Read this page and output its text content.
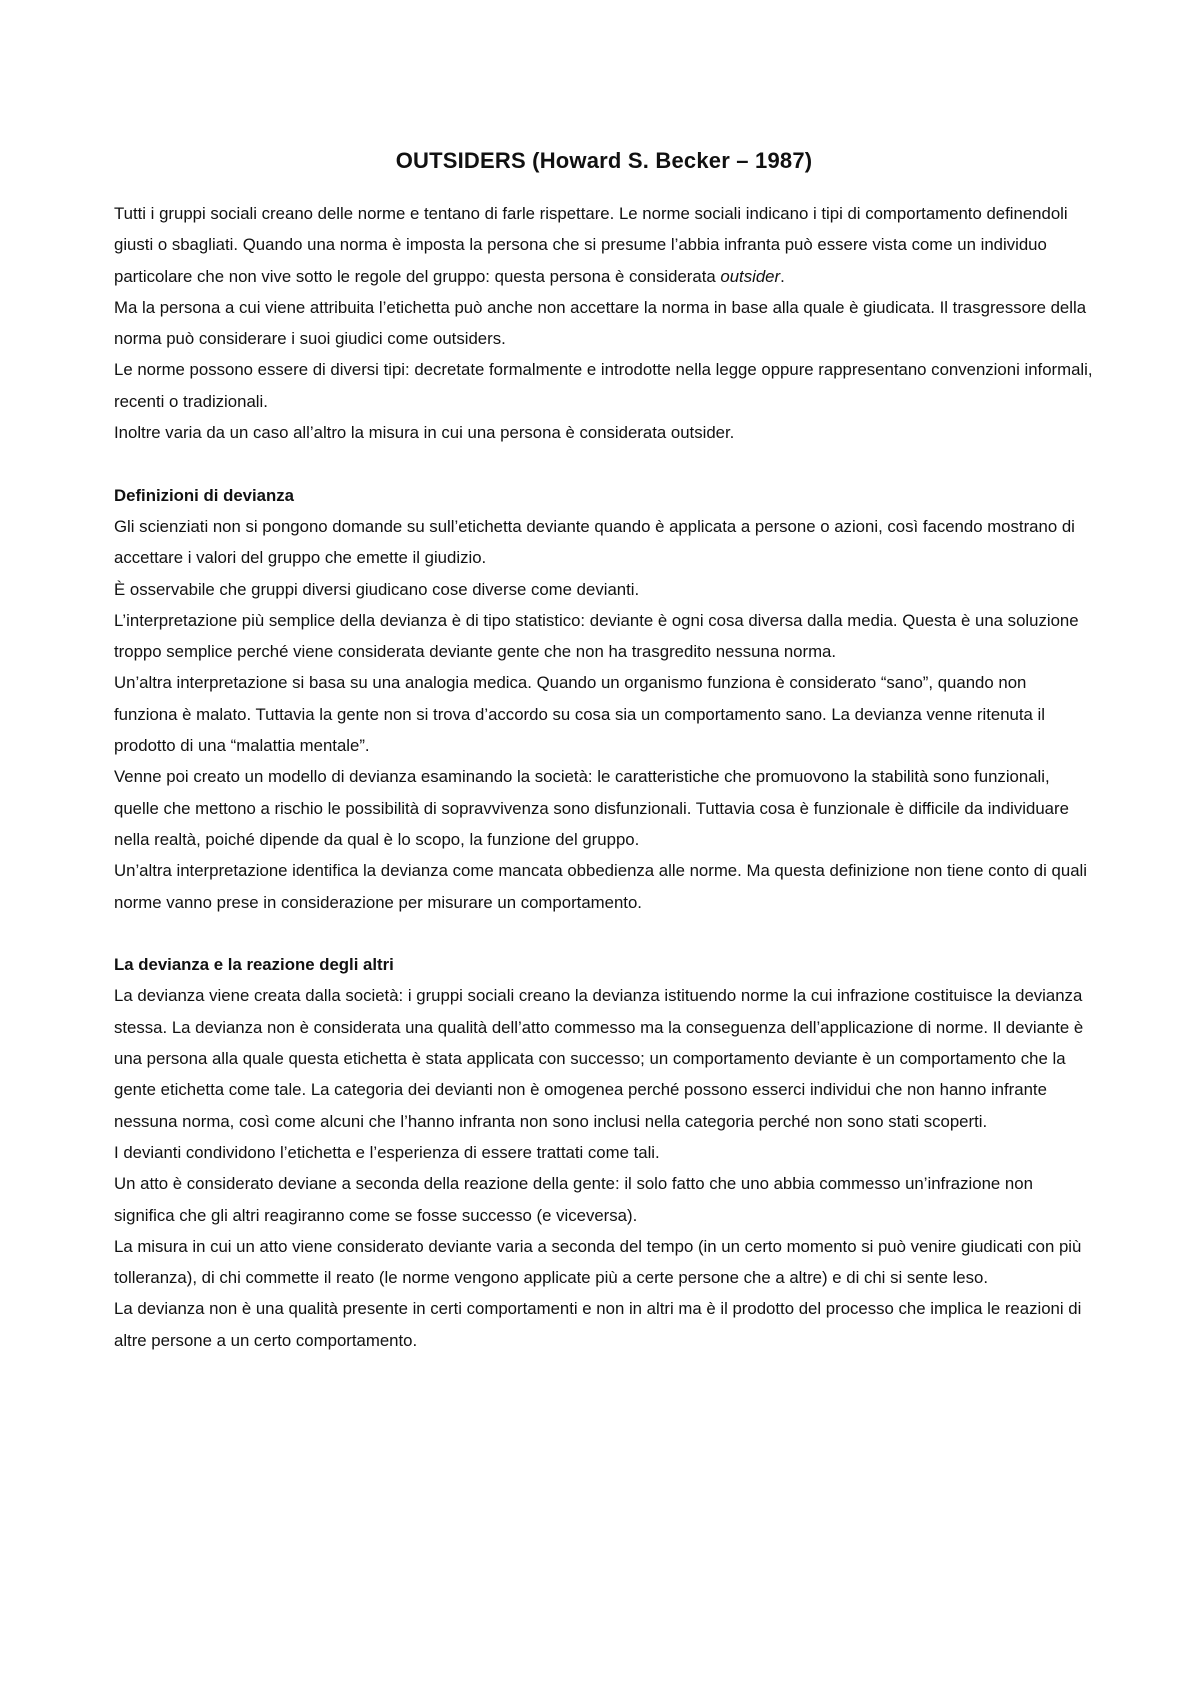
OUTSIDERS (Howard S. Becker – 1987)

Tutti i gruppi sociali creano delle norme e tentano di farle rispettare. Le norme sociali indicano i tipi di comportamento definendoli giusti o sbagliati. Quando una norma è imposta la persona che si presume l’abbia infranta può essere vista come un individuo particolare che non vive sotto le regole del gruppo: questa persona è considerata outsider.

Ma la persona a cui viene attribuita l’etichetta può anche non accettare la norma in base alla quale è giudicata. Il trasgressore della norma può considerare i suoi giudici come outsiders.

Le norme possono essere di diversi tipi: decretate formalmente e introdotte nella legge oppure rappresentano convenzioni informali, recenti o tradizionali.

Inoltre varia da un caso all’altro la misura in cui una persona è considerata outsider.

Definizioni di devianza

Gli scienziati non si pongono domande su sull’etichetta deviante quando è applicata a persone o azioni, così facendo mostrano di accettare i valori del gruppo che emette il giudizio.

È osservabile che gruppi diversi giudicano cose diverse come devianti.

L’interpretazione più semplice della devianza è di tipo statistico: deviante è ogni cosa diversa dalla media. Questa è una soluzione troppo semplice perché viene considerata deviante gente che non ha trasgredito nessuna norma.

Un’altra interpretazione si basa su una analogia medica. Quando un organismo funziona è considerato “sano”, quando non funziona è malato. Tuttavia la gente non si trova d’accordo su cosa sia un comportamento sano. La devianza venne ritenuta il prodotto di una “malattia mentale”.

Venne poi creato un modello di devianza esaminando la società: le caratteristiche che promuovono la stabilità sono funzionali, quelle che mettono a rischio le possibilità di sopravvivenza sono disfunzionali. Tuttavia cosa è funzionale è difficile da individuare nella realtà, poiché dipende da qual è lo scopo, la funzione del gruppo.

Un’altra interpretazione identifica la devianza come mancata obbedienza alle norme. Ma questa definizione non tiene conto di quali norme vanno prese in considerazione per misurare un comportamento.

La devianza e la reazione degli altri

La devianza viene creata dalla società: i gruppi sociali creano la devianza istituendo norme la cui infrazione costituisce la devianza stessa. La devianza non è considerata una qualità dell’atto commesso ma la conseguenza dell’applicazione di norme. Il deviante è una persona alla quale questa etichetta è stata applicata con successo; un comportamento deviante è un comportamento che la gente etichetta come tale. La categoria dei devianti non è omogenea perché possono esserci individui che non hanno infrante nessuna norma, così come alcuni che l’hanno infranta non sono inclusi nella categoria perché non sono stati scoperti.

I devianti condividono l’etichetta e l’esperienza di essere trattati come tali.

Un atto è considerato deviane a seconda della reazione della gente: il solo fatto che uno abbia commesso un’infrazione non significa che gli altri reagiranno come se fosse successo (e viceversa).

La misura in cui un atto viene considerato deviante varia a seconda del tempo (in un certo momento si può venire giudicati con più tolleranza), di chi commette il reato (le norme vengono applicate più a certe persone che a altre) e di chi si sente leso.

La devianza non è una qualità presente in certi comportamenti e non in altri ma è il prodotto del processo che implica le reazioni di altre persone a un certo comportamento.
